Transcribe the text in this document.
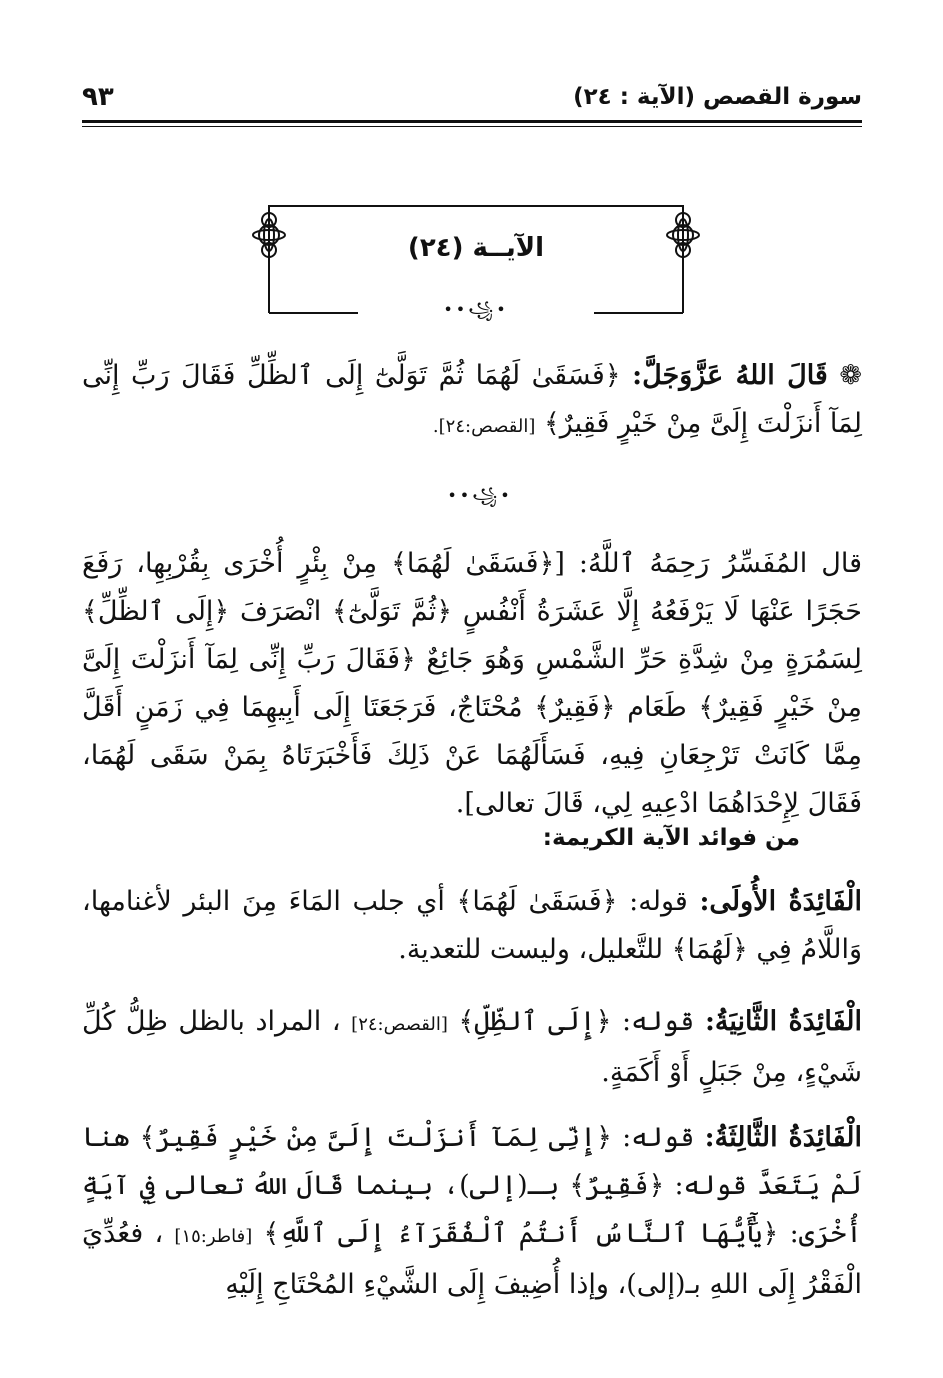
سورة القصص (الآية : ٢٤)
٩٣
الآيــة (٢٤)
••꧁•
❁ قَالَ اللهُ عَزَّوَجَلَّ: ﴿فَسَقَىٰ لَهُمَا ثُمَّ تَوَلَّىٰٓ إِلَى ٱلظِّلِّ فَقَالَ رَبِّ إِنِّى لِمَآ أَنزَلْتَ إِلَىَّ مِنْ خَيْرٍ فَقِيرٌ﴾ [القصص:٢٤].
••꧁•
قال المُفَسِّرُ رَحِمَهُ ٱللَّهُ: [﴿فَسَقَىٰ لَهُمَا﴾ مِنْ بِئْرٍ أُخْرَى بِقُرْبِهِا، رَفَعَ حَجَرًا عَنْهَا لَا يَرْفَعُهُ إِلَّا عَشَرَةُ أَنْفُسٍ ﴿ثُمَّ تَوَلَّىٰٓ﴾ انْصَرَفَ ﴿إِلَى ٱلظِّلِّ﴾ لِسَمُرَةٍ مِنْ شِدَّةِ حَرِّ الشَّمْسِ وَهُوَ جَائِعٌ ﴿فَقَالَ رَبِّ إِنِّى لِمَآ أَنزَلْتَ إِلَىَّ مِنْ خَيْرٍ فَقِيرٌ﴾ طَعَام ﴿فَقِيرٌ﴾ مُحْتَاجٌ، فَرَجَعَتَا إِلَى أَبِيهِمَا فِي زَمَنٍ أَقَلَّ مِمَّا كَانَتْ تَرْجِعَانِ فِيهِ، فَسَأَلَهُمَا عَنْ ذَلِكَ فَأَخْبَرَتَاهُ بِمَنْ سَقَى لَهُمَا، فَقَالَ لِإِحْدَاهُمَا ادْعِيهِ لِي، قَالَ تعالى].
من فوائد الآية الكريمة:
الْفَائِدَةُ الأُولَى: قوله: ﴿فَسَقَىٰ لَهُمَا﴾ أي جلب المَاءَ مِنَ البئر لأغنامها، وَاللَّامُ فِي ﴿لَهُمَا﴾ للتَّعليل، وليست للتعدية.
الْفَائِدَةُ الثَّانِيَةُ: قوله: ﴿إِلَى ٱلظِّلِّ﴾ [القصص:٢٤] ، المراد بالظل ظِلُّ كُلِّ شَيْءٍ، مِنْ جَبَلٍ أَوْ أَكَمَةٍ.
الْفَائِدَةُ الثَّالِثَةُ: قوله: ﴿إِنِّى لِمَآ أَنزَلْتَ إِلَىَّ مِنْ خَيْرٍ فَقِيرٌ﴾ هنا لَمْ يَتَعَدَّ قوله: ﴿فَقِيرٌ﴾ بـ(إلى)، بينما قَالَ اللهُ تعالى فِي آيَةٍ أُخْرَى: ﴿يَٰٓأَيُّهَا ٱلنَّاسُ أَنتُمُ ٱلْفُقَرَآءُ إِلَى ٱللَّهِ﴾ [فاطر:١٥] ، فعُدِّيَ الْفَقْرُ إِلَى اللهِ بـ(إلى)، وإذا أُضِيفَ إِلَى الشَّيْءِ المُحْتَاجِ إِلَيْهِ
